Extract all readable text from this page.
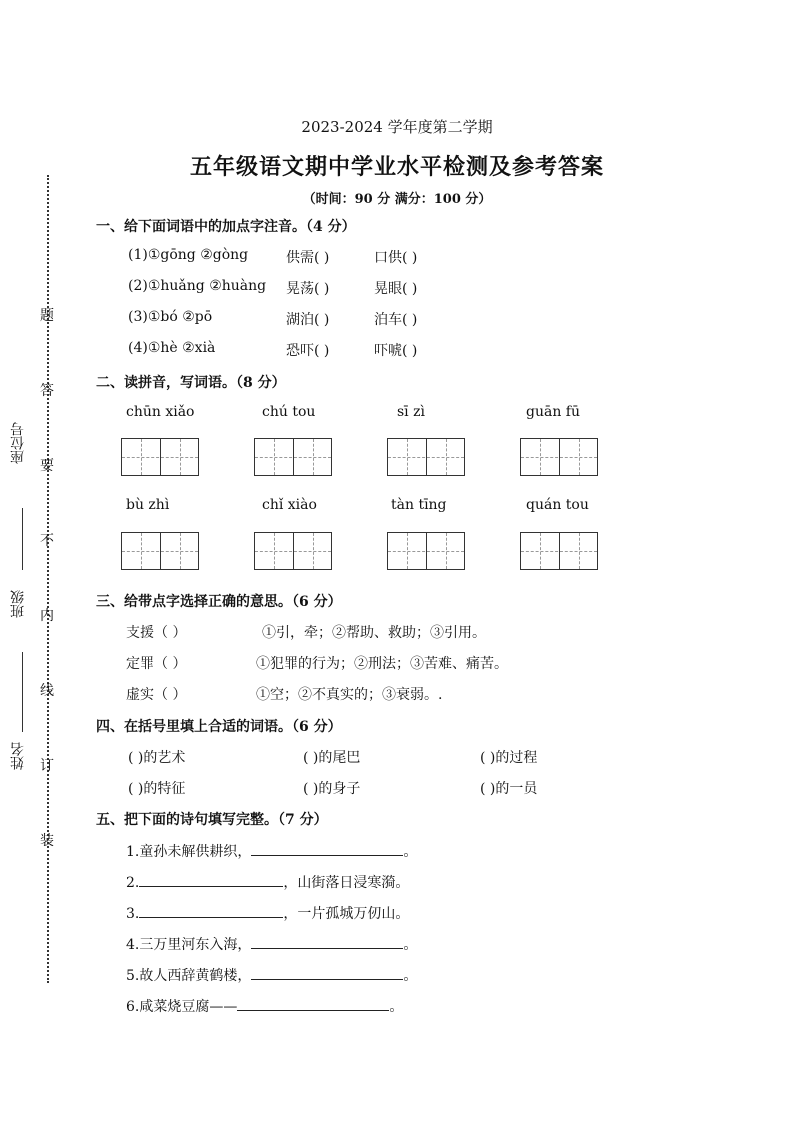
2023-2024 学年度第二学期
五年级语文期中学业水平检测及参考答案
（时间：90 分 满分：100 分）
题
答
要
不
内
线
订
装
座位号
班级
姓名
一、给下面词语中的加点字注音。（4 分）
(1)①gōng ②gòng	供需( )	口供( )
(2)①huǎng ②huàng 晃荡( )	晃眼( )
(3)①bó ②pō	湖泊( )	泊车( )
(4)①hè ②xià	恐吓( )	吓唬( )
二、读拼音，写词语。（8 分）
chūn xiǎo	chú tou	sī zì	guān fū
bù zhì	chǐ xiào	tàn tīng	quán tou
三、给带点字选择正确的意思。（6 分）
支援（ ）	①引，牵；②帮助、救助；③引用。
定罪（ ）	①犯罪的行为；②刑法；③苦难、痛苦。
虚实（ ）	①空；②不真实的；③衰弱。.
四、在括号里填上合适的词语。（6 分）
( )的艺术	( )的尾巴	( )的过程
( )的特征	( )的身子	( )的一员
五、把下面的诗句填写完整。（7 分）
1.童孙未解供耕织，	。
2.	，山街落日浸寒漪。
3.	，一片孤城万仞山。
4.三万里河东入海，	。
5.故人西辞黄鹤楼，	。
6.咸菜烧豆腐——	。
